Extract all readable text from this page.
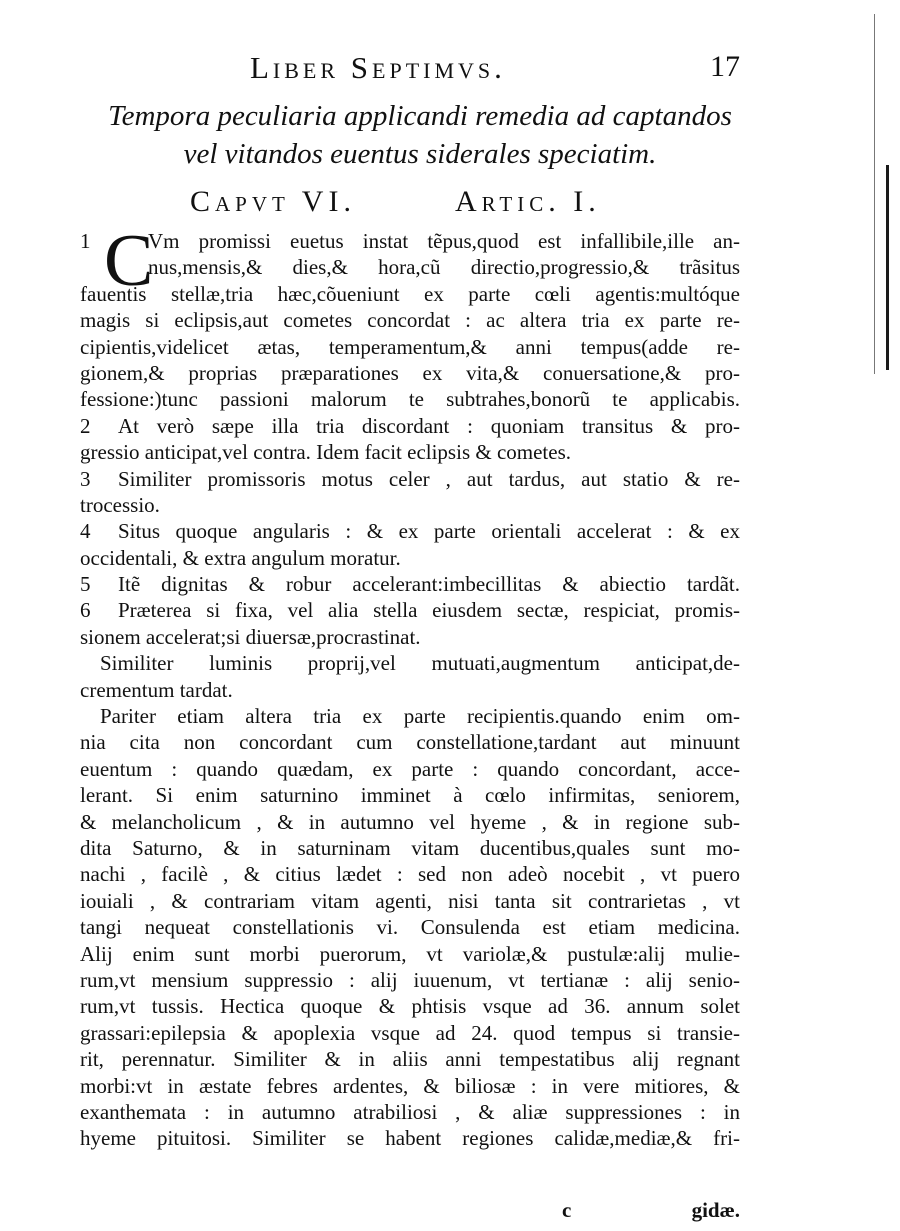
Liber Septimvs.	17
Tempora peculiaria applicandi remedia ad captandos
vel vitandos euentus siderales speciatim.
Capvt VI.	Artic. I.
1 C
Vm promissi euetus instat tẽpus,quod est infallibile,ille an-
nus,mensis,& dies,& hora,cũ directio,progressio,& trãsitus
fauentis stellæ,tria hæc,cõueniunt ex parte cœli agentis:multóque
magis si eclipsis,aut cometes concordat : ac altera tria ex parte re-
cipientis,videlicet ætas, temperamentum,& anni tempus(adde re-
gionem,& proprias præparationes ex vita,& conuersatione,& pro-
fessione:)tunc passioni malorum te subtrahes,bonorũ te applicabis.
2 At verò sæpe illa tria discordant : quoniam transitus & pro-
gressio anticipat,vel contra. Idem facit eclipsis & cometes.
3 Similiter promissoris motus celer , aut tardus, aut statio & re-
trocessio.
4 Situs quoque angularis : & ex parte orientali accelerat : & ex
occidentali, & extra angulum moratur.
5 Itẽ dignitas & robur accelerant:imbecillitas & abiectio tardãt.
6 Præterea si fixa, vel alia stella eiusdem sectæ, respiciat, promis-
sionem accelerat;si diuersæ,procrastinat.
Similiter luminis proprij,vel mutuati,augmentum anticipat,de-
crementum tardat.
Pariter etiam altera tria ex parte recipientis.quando enim om-
nia cita non concordant cum constellatione,tardant aut minuunt
euentum : quando quædam, ex parte : quando concordant, acce-
lerant. Si enim saturnino imminet à cœlo infirmitas, seniorem,
& melancholicum , & in autumno vel hyeme , & in regione sub-
dita Saturno, & in saturninam vitam ducentibus,quales sunt mo-
nachi , facilè , & citius lædet : sed non adeò nocebit , vt puero
iouiali , & contrariam vitam agenti, nisi tanta sit contrarietas , vt
tangi nequeat constellationis vi. Consulenda est etiam medicina.
Alij enim sunt morbi puerorum, vt variolæ,& pustulæ:alij mulie-
rum,vt mensium suppressio : alij iuuenum, vt tertianæ : alij senio-
rum,vt tussis. Hectica quoque & phtisis vsque ad 36. annum solet
grassari:epilepsia & apoplexia vsque ad 24. quod tempus si transie-
rit, perennatur. Similiter & in aliis anni tempestatibus alij regnant
morbi:vt in æstate febres ardentes, & biliosæ : in vere mitiores, &
exanthemata : in autumno atrabiliosi , & aliæ suppressiones : in
hyeme pituitosi. Similiter se habent regiones calidæ,mediæ,& fri-
c	gidæ.
